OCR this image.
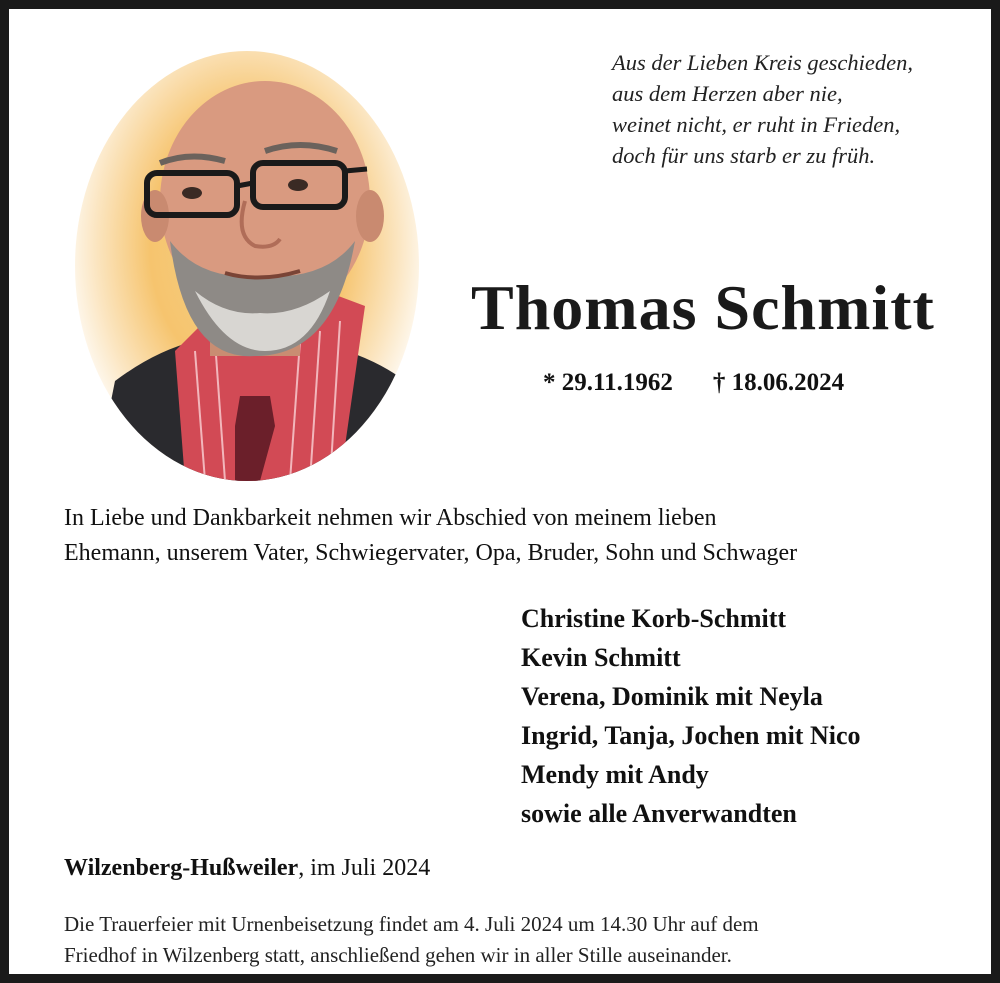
Aus der Lieben Kreis geschieden,
aus dem Herzen aber nie,
weinet nicht, er ruht in Frieden,
doch für uns starb er zu früh.
Thomas Schmitt
* 29.11.1962 † 18.06.2024
In Liebe und Dankbarkeit nehmen wir Abschied von meinem lieben
Ehemann, unserem Vater, Schwiegervater, Opa, Bruder, Sohn und Schwager
Christine Korb-Schmitt
Kevin Schmitt
Verena, Dominik mit Neyla
Ingrid, Tanja, Jochen mit Nico
Mendy mit Andy
sowie alle Anverwandten
Wilzenberg-Hußweiler, im Juli 2024
Die Trauerfeier mit Urnenbeisetzung findet am 4. Juli 2024 um 14.30 Uhr auf dem
Friedhof in Wilzenberg statt, anschließend gehen wir in aller Stille auseinander.
